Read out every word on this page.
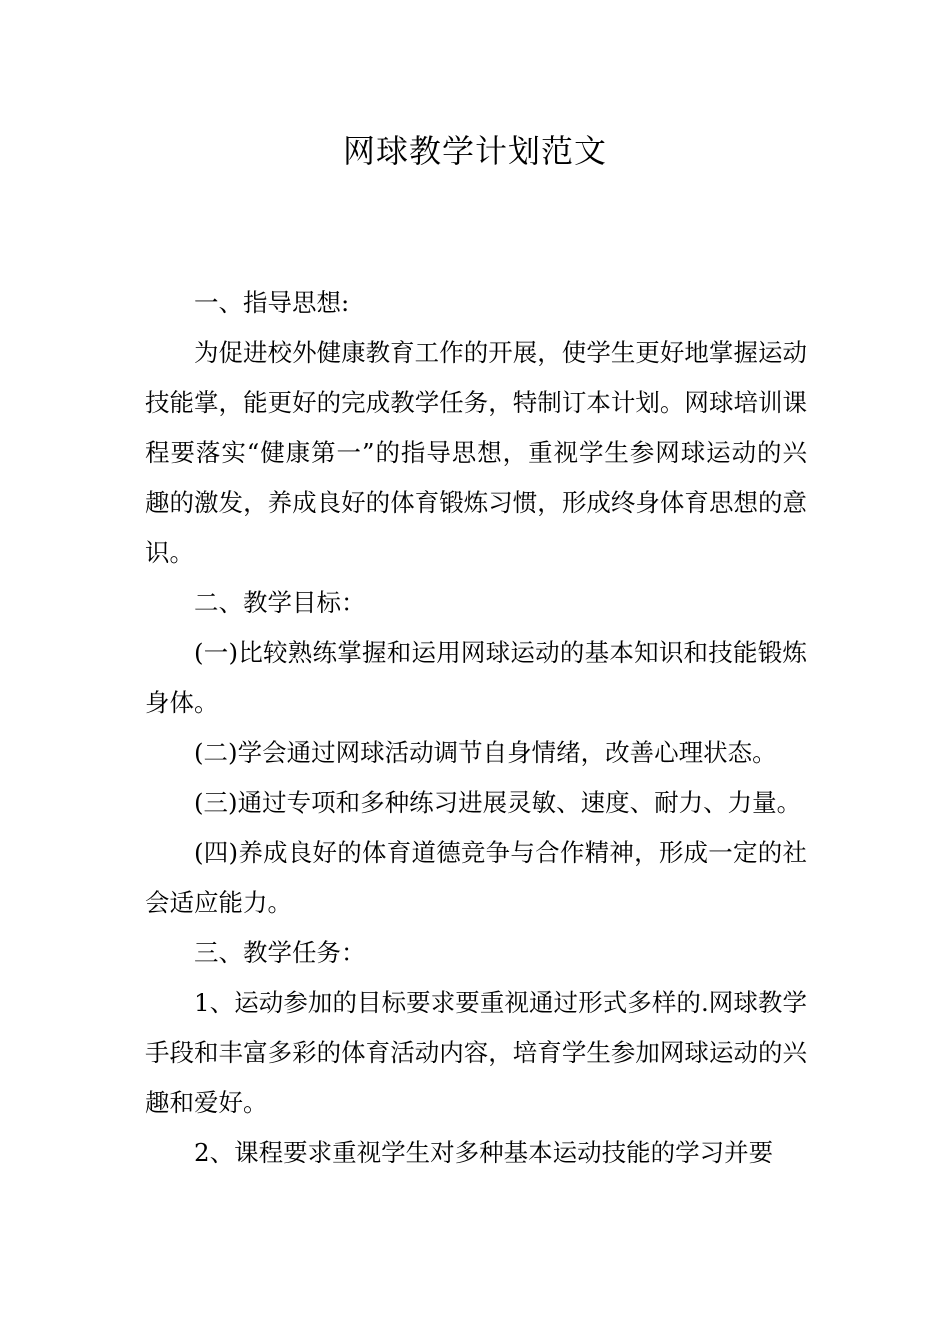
网球教学计划范文

一、指导思想:

为促进校外健康教育工作的开展，使学生更好地掌握运动技能掌，能更好的完成教学任务，特制订本计划。网球培训课程要落实“健康第一”的指导思想，重视学生参网球运动的兴趣的激发，养成良好的体育锻炼习惯，形成终身体育思想的意识。

二、教学目标：

(一)比较熟练掌握和运用网球运动的基本知识和技能锻炼身体。

(二)学会通过网球活动调节自身情绪，改善心理状态。

(三)通过专项和多种练习进展灵敏、速度、耐力、力量。

(四)养成良好的体育道德竞争与合作精神，形成一定的社会适应能力。

三、教学任务：

1、运动参加的目标要求要重视通过形式多样的.网球教学手段和丰富多彩的体育活动内容，培育学生参加网球运动的兴趣和爱好。

2、课程要求重视学生对多种基本运动技能的学习并要
